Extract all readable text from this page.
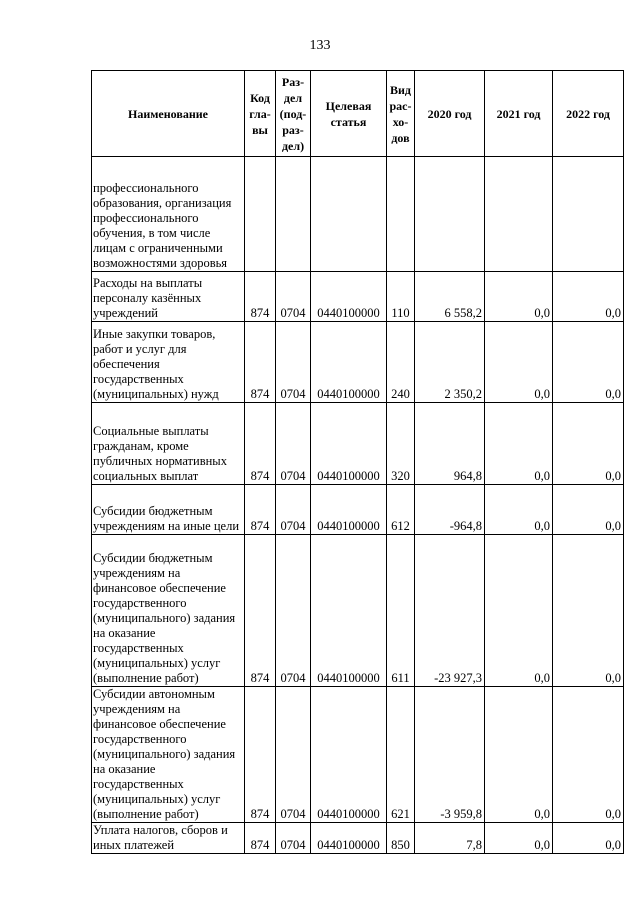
133
Наименование	Код гла-вы	Раз-дел (под-раз-дел)	Целевая статья	Вид рас-хо-дов	2020 год	2021 год	2022 год
профессионального образования, организация профессионального обучения, в том числе лицам с ограниченными возможностями здоровья							
Расходы на выплаты персоналу казённых учреждений	874	0704	0440100000	110	6 558,2	0,0	0,0
Иные закупки товаров, работ и услуг для обеспечения государственных (муниципальных) нужд	874	0704	0440100000	240	2 350,2	0,0	0,0
Социальные выплаты гражданам, кроме публичных нормативных социальных выплат	874	0704	0440100000	320	964,8	0,0	0,0
Субсидии бюджетным учреждениям на иные цели	874	0704	0440100000	612	-964,8	0,0	0,0
Субсидии бюджетным учреждениям на финансовое обеспечение государственного (муниципального) задания на оказание государственных (муниципальных) услуг (выполнение работ)	874	0704	0440100000	611	-23 927,3	0,0	0,0
Субсидии автономным учреждениям на финансовое обеспечение государственного (муниципального) задания на оказание государственных (муниципальных) услуг (выполнение работ)	874	0704	0440100000	621	-3 959,8	0,0	0,0
Уплата налогов, сборов и иных платежей	874	0704	0440100000	850	7,8	0,0	0,0
